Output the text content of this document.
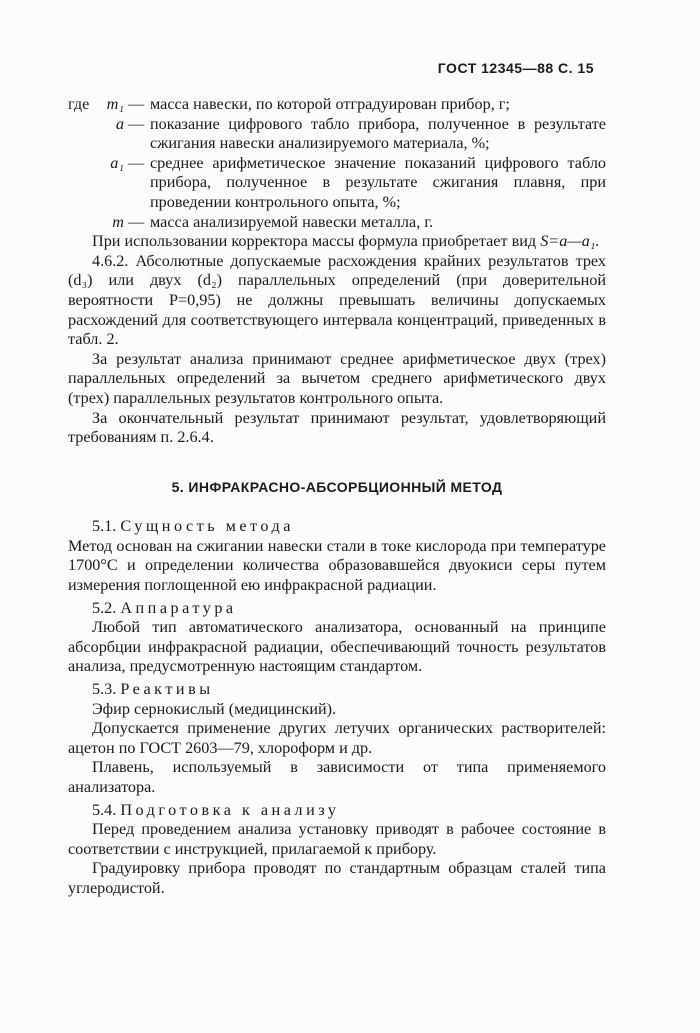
ГОСТ 12345—88 С. 15
где	m₁ — масса навески, по которой отградуирован прибор, г;
a — показание цифрового табло прибора, полученное в результате сжигания навески анализируемого материала, %;
a₁ — среднее арифметическое значение показаний цифрового табло прибора, полученное в результате сжигания плавня, при проведении контрольного опыта, %;
m — масса анализируемой навески металла, г.

При использовании корректора массы формула приобретает вид S=a—a₁.

4.6.2. Абсолютные допускаемые расхождения крайних результатов трех (d₃) или двух (d₂) параллельных определений (при доверительной вероятности P=0,95) не должны превышать величины допускаемых расхождений для соответствующего интервала концентраций, приведенных в табл. 2.

За результат анализа принимают среднее арифметическое двух (трех) параллельных определений за вычетом среднего арифметического двух (трех) параллельных результатов контрольного опыта.

За окончательный результат принимают результат, удовлетворяющий требованиям п. 2.6.4.

5. ИНФРАКРАСНО-АБСОРБЦИОННЫЙ МЕТОД

5.1. Сущность метода

Метод основан на сжигании навески стали в токе кислорода при температуре 1700°С и определении количества образовавшейся двуокиси серы путем измерения поглощенной ею инфракрасной радиации.

5.2. Аппаратура

Любой тип автоматического анализатора, основанный на принципе абсорбции инфракрасной радиации, обеспечивающий точность результатов анализа, предусмотренную настоящим стандартом.

5.3. Реактивы

Эфир сернокислый (медицинский).

Допускается применение других летучих органических растворителей: ацетон по ГОСТ 2603—79, хлороформ и др.

Плавень, используемый в зависимости от типа применяемого анализатора.

5.4. Подготовка к анализу

Перед проведением анализа установку приводят в рабочее состояние в соответствии с инструкцией, прилагаемой к прибору.

Градуировку прибора проводят по стандартным образцам сталей типа углеродистой.
